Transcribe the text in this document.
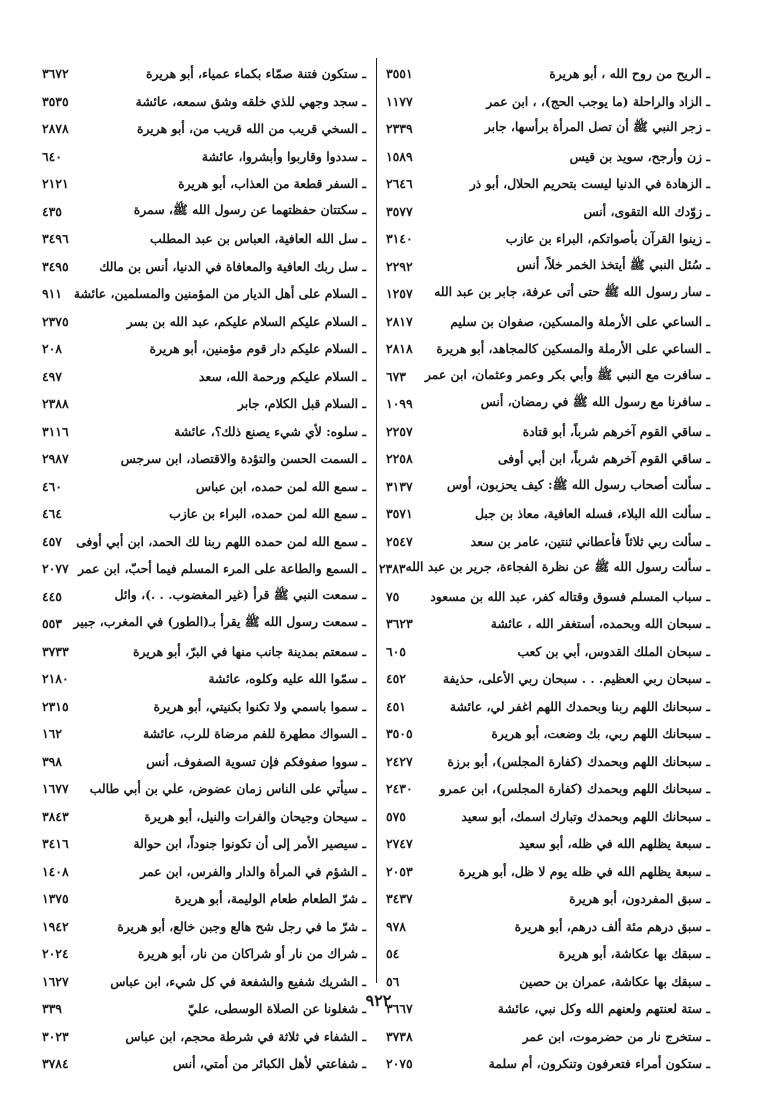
ـ الريح من روح الله ، أبو هريرة
٣٥٥١
ـ الزاد والراحلة (ما يوجب الحج)، ، ابن عمر
١١٧٧
ـ زجر النبي ﷺ أن تصل المرأة برأسها، جابر
٢٣٣٩
ـ زن وأرجح، سويد بن قيس
١٥٨٩
ـ الزهادة في الدنيا ليست بتحريم الحلال، أبو ذر
٢٦٤٦
ـ زوّدك الله التقوى، أنس
٣٥٧٧
ـ زينوا القرآن بأصواتكم، البراء بن عازب
٣١٤٠
ـ سُئل النبي ﷺ أيتخذ الخمر خلاً، أنس
٢٢٩٢
ـ سار رسول الله ﷺ حتى أتى عرفة، جابر بن عبد الله
١٢٥٧
ـ الساعي على الأرملة والمسكين، صفوان بن سليم
٢٨١٧
ـ الساعي على الأرملة والمسكين كالمجاهد، أبو هريرة
٢٨١٨
ـ سافرت مع النبي ﷺ وأبي بكر وعمر وعثمان، ابن عمر
٦٧٣
ـ سافرنا مع رسول الله ﷺ في رمضان، أنس
١٠٩٩
ـ ساقي القوم آخرهم شرباً، أبو قتادة
٢٢٥٧
ـ ساقي القوم آخرهم شرباً، ابن أبي أوفى
٢٢٥٨
ـ سألت أصحاب رسول الله ﷺ: كيف يحزبون، أوس
٣١٣٧
ـ سألت الله البلاء، فسله العافية، معاذ بن جبل
٣٥٧١
ـ سألت ربي ثلاثاً فأعطاني ثنتين، عامر بن سعد
٢٥٤٧
ـ سألت رسول الله ﷺ عن نظرة الفجاءة، جرير بن عبد الله
٢٣٨٣
ـ سباب المسلم فسوق وقتاله كفر، عبد الله بن مسعود
٧٥
ـ سبحان الله وبحمده، أستغفر الله ، عائشة
٣٦٢٣
ـ سبحان الملك القدوس، أبي بن كعب
٦٠٥
ـ سبحان ربي العظيم. . . سبحان ربي الأعلى، حذيفة
٤٥٢
ـ سبحانك اللهم ربنا وبحمدك اللهم اغفر لي، عائشة
٤٥١
ـ سبحانك اللهم ربي، بك وضعت، أبو هريرة
٣٥٠٥
ـ سبحانك اللهم وبحمدك (كفارة المجلس)، أبو برزة
٢٤٢٧
ـ سبحانك اللهم وبحمدك (كفارة المجلس)، ابن عمرو
٢٤٣٠
ـ سبحانك اللهم وبحمدك وتبارك اسمك، أبو سعيد
٥٧٥
ـ سبعة يظلهم الله في ظله، أبو سعيد
٢٧٤٧
ـ سبعة يظلهم الله في ظله يوم لا ظل، أبو هريرة
٢٠٥٣
ـ سبق المفردون، أبو هريرة
٣٤٣٧
ـ سبق درهم مئة ألف درهم، أبو هريرة
٩٧٨
ـ سبقك بها عكاشة، أبو هريرة
٥٤
ـ سبقك بها عكاشة، عمران بن حصين
٥٦
ـ ستة لعنتهم ولعنهم الله وكل نبي، عائشة
٣٦٦٧
ـ ستخرج نار من حضرموت، ابن عمر
٣٧٣٨
ـ ستكون أمراء فتعرفون وتنكرون، أم سلمة
٢٠٧٥
ـ ستكون فتنة صمّاء بكماء عمياء، أبو هريرة
٣٦٧٢
ـ سجد وجهي للذي خلقه وشق سمعه، عائشة
٣٥٣٥
ـ السخي قريب من الله قريب من، أبو هريرة
٢٨٧٨
ـ سددوا وقاربوا وأبشروا، عائشة
٦٤٠
ـ السفر قطعة من العذاب، أبو هريرة
٢١٢١
ـ سكتتان حفظتهما عن رسول الله ﷺ، سمرة
٤٣٥
ـ سل الله العافية، العباس بن عبد المطلب
٣٤٩٦
ـ سل ربك العافية والمعافاة في الدنيا، أنس بن مالك
٣٤٩٥
ـ السلام على أهل الديار من المؤمنين والمسلمين، عائشة
٩١١
ـ السلام عليكم السلام عليكم، عبد الله بن بسر
٢٣٧٥
ـ السلام عليكم دار قوم مؤمنين، أبو هريرة
٢٠٨
ـ السلام عليكم ورحمة الله، سعد
٤٩٧
ـ السلام قبل الكلام، جابر
٢٣٨٨
ـ سلوه: لأي شيء يصنع ذلك؟، عائشة
٣١١٦
ـ السمت الحسن والتؤدة والاقتصاد، ابن سرجس
٢٩٨٧
ـ سمع الله لمن حمده، ابن عباس
٤٦٠
ـ سمع الله لمن حمده، البراء بن عازب
٤٦٤
ـ سمع الله لمن حمده اللهم ربنا لك الحمد، ابن أبي أوفى
٤٥٧
ـ السمع والطاعة على المرء المسلم فيما أحبّ، ابن عمر
٢٠٧٧
ـ سمعت النبي ﷺ قرأ (غير المغضوب. . .)، وائل
٤٤٥
ـ سمعت رسول الله ﷺ يقرأ بـ(الطور) في المغرب، جبير
٥٥٣
ـ سمعتم بمدينة جانب منها في البرّ، أبو هريرة
٣٧٣٣
ـ سمّوا الله عليه وكلوه، عائشة
٢١٨٠
ـ سموا باسمي ولا تكنوا بكنيتي، أبو هريرة
٢٣١٥
ـ السواك مطهرة للفم مرضاة للرب، عائشة
١٦٢
ـ سووا صفوفكم فإن تسوية الصفوف، أنس
٣٩٨
ـ سيأتي على الناس زمان عضوض، علي بن أبي طالب
١٦٧٧
ـ سيحان وجيحان والفرات والنيل، أبو هريرة
٣٨٤٣
ـ سيصير الأمر إلى أن تكونوا جنوداً، ابن حوالة
٣٤١٦
ـ الشؤم في المرأة والدار والفرس، ابن عمر
١٤٠٨
ـ شرّ الطعام طعام الوليمة، أبو هريرة
١٣٧٥
ـ شرّ ما في رجل شح هالع وجبن خالع، أبو هريرة
١٩٤٢
ـ شراك من نار أو شراكان من نار، أبو هريرة
٢٠٢٤
ـ الشريك شفيع والشفعة في كل شيء، ابن عباس
١٦٢٧
ـ شغلونا عن الصلاة الوسطى، عليّ
٣٣٩
ـ الشفاء في ثلاثة في شرطة محجم، ابن عباس
٣٠٢٣
ـ شفاعتي لأهل الكبائر من أمتي، أنس
٣٧٨٤
٩٢٢
